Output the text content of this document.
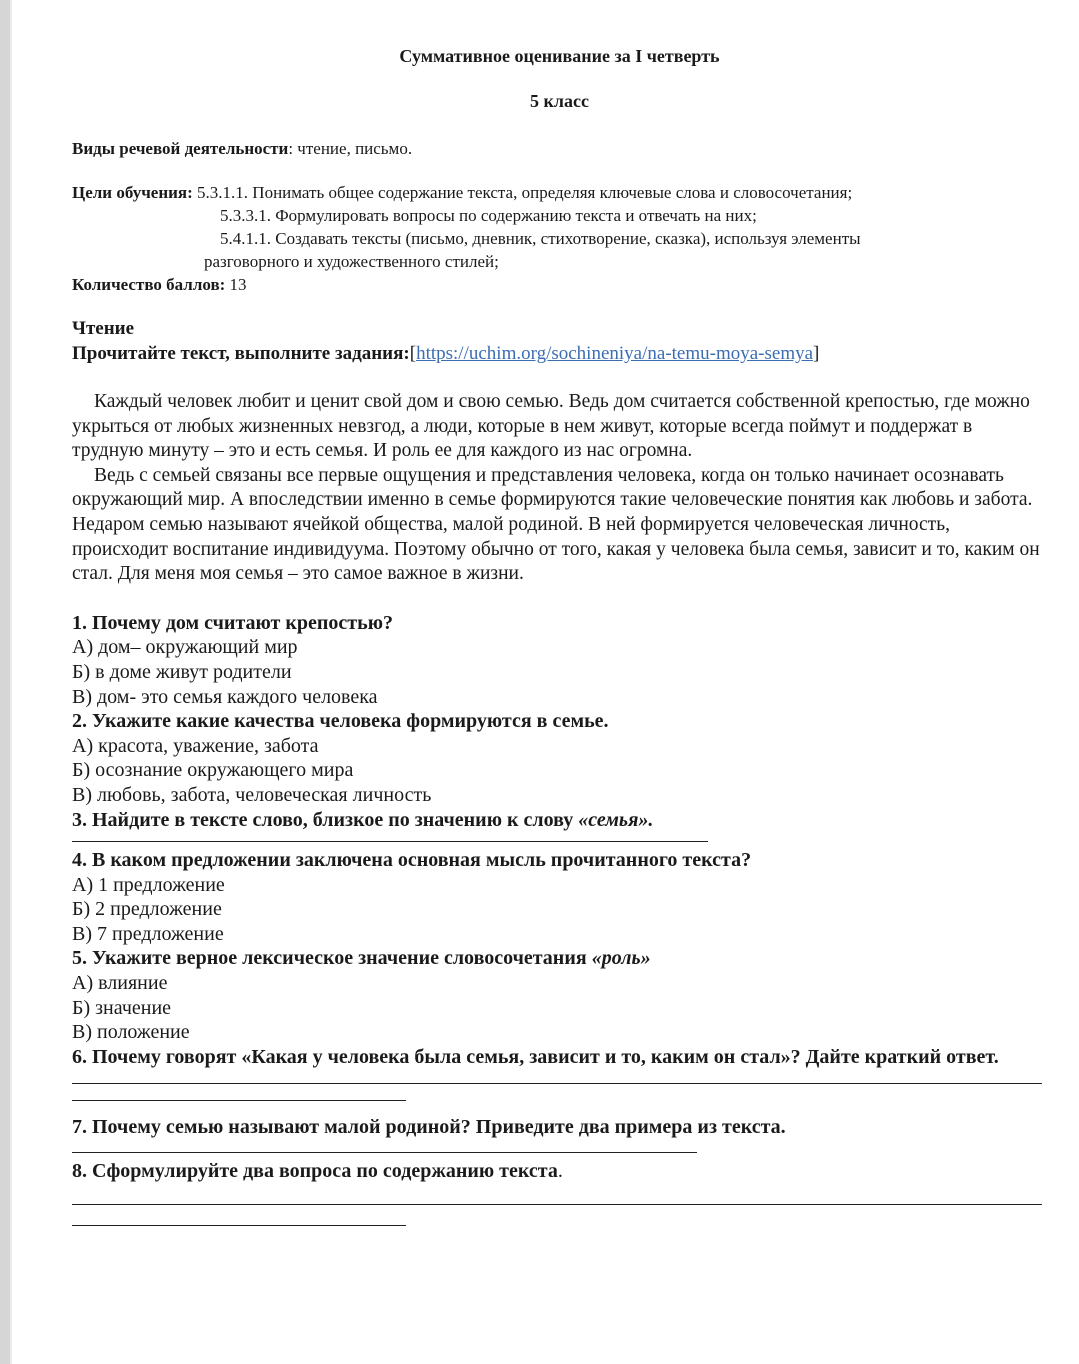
Суммативное оценивание за I четверть
5 класс
Виды речевой деятельности: чтение, письмо.
Цели обучения: 5.3.1.1. Понимать общее содержание текста, определяя ключевые слова и словосочетания;
5.3.3.1. Формулировать вопросы по содержанию текста и отвечать на них;
5.4.1.1. Создавать тексты (письмо, дневник, стихотворение, сказка), используя элементы
разговорного и художественного стилей;
Количество баллов: 13
Чтение
Прочитайте текст, выполните задания:[https://uchim.org/sochineniya/na-temu-moya-semya]

Каждый человек любит и ценит свой дом и свою семью. Ведь дом считается собственной крепостью, где можно укрыться от любых жизненных невзгод, а люди, которые в нем живут, которые всегда поймут и поддержат в трудную минуту – это и есть семья. И роль ее для каждого из нас огромна.

Ведь с семьей связаны все первые ощущения и представления человека, когда он только начинает осознавать окружающий мир. А впоследствии именно в семье формируются такие человеческие понятия как любовь и забота. Недаром семью называют ячейкой общества, малой родиной. В ней формируется человеческая личность, происходит воспитание индивидуума. Поэтому обычно от того, какая у человека была семья, зависит и то, каким он стал. Для меня моя семья – это самое важное в жизни.

1. Почему дом считают крепостью?
А) дом– окружающий мир
Б) в доме живут родители
В) дом- это семья каждого человека
2. Укажите какие качества человека формируются в семье.
А) красота, уважение, забота
Б) осознание окружающего мира
В) любовь, забота, человеческая личность
3. Найдите в тексте слово, близкое по значению к слову «семья».
4. В каком предложении заключена основная мысль прочитанного текста?
А) 1 предложение
Б) 2 предложение
В) 7 предложение
5. Укажите верное лексическое значение словосочетания «роль»
А) влияние
Б) значение
В) положение
6. Почему говорят «Какая у человека была семья, зависит и то, каким он стал»? Дайте краткий ответ.
7. Почему семью называют малой родиной? Приведите два примера из текста.
8. Сформулируйте два вопроса по содержанию текста.
